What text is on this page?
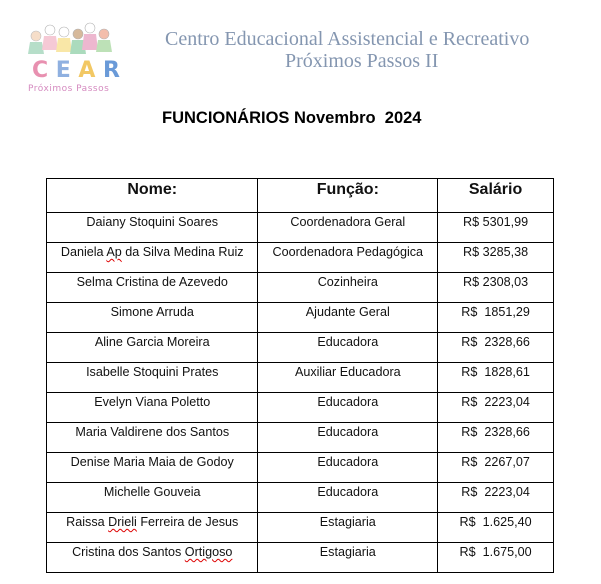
C E A R
Próximos Passos
Centro Educacional Assistencial e Recreativo
Próximos Passos II
FUNCIONÁRIOS Novembro  2024
Nome:	Função:	Salário
Daiany Stoquini Soares	Coordenadora Geral	R$ 5301,99
Daniela Ap da Silva Medina Ruiz	Coordenadora Pedagógica	R$ 3285,38
Selma Cristina de Azevedo	Cozinheira	R$ 2308,03
Simone Arruda	Ajudante Geral	R$  1851,29
Aline Garcia Moreira	Educadora	R$  2328,66
Isabelle Stoquini Prates	Auxiliar Educadora	R$  1828,61
Evelyn Viana Poletto	Educadora	R$  2223,04
Maria Valdirene dos Santos	Educadora	R$  2328,66
Denise Maria Maia de Godoy	Educadora	R$  2267,07
Michelle Gouveia	Educadora	R$  2223,04
Raissa Drieli Ferreira de Jesus	Estagiaria	R$  1.625,40
Cristina dos Santos Ortigoso	Estagiaria	R$  1.675,00
